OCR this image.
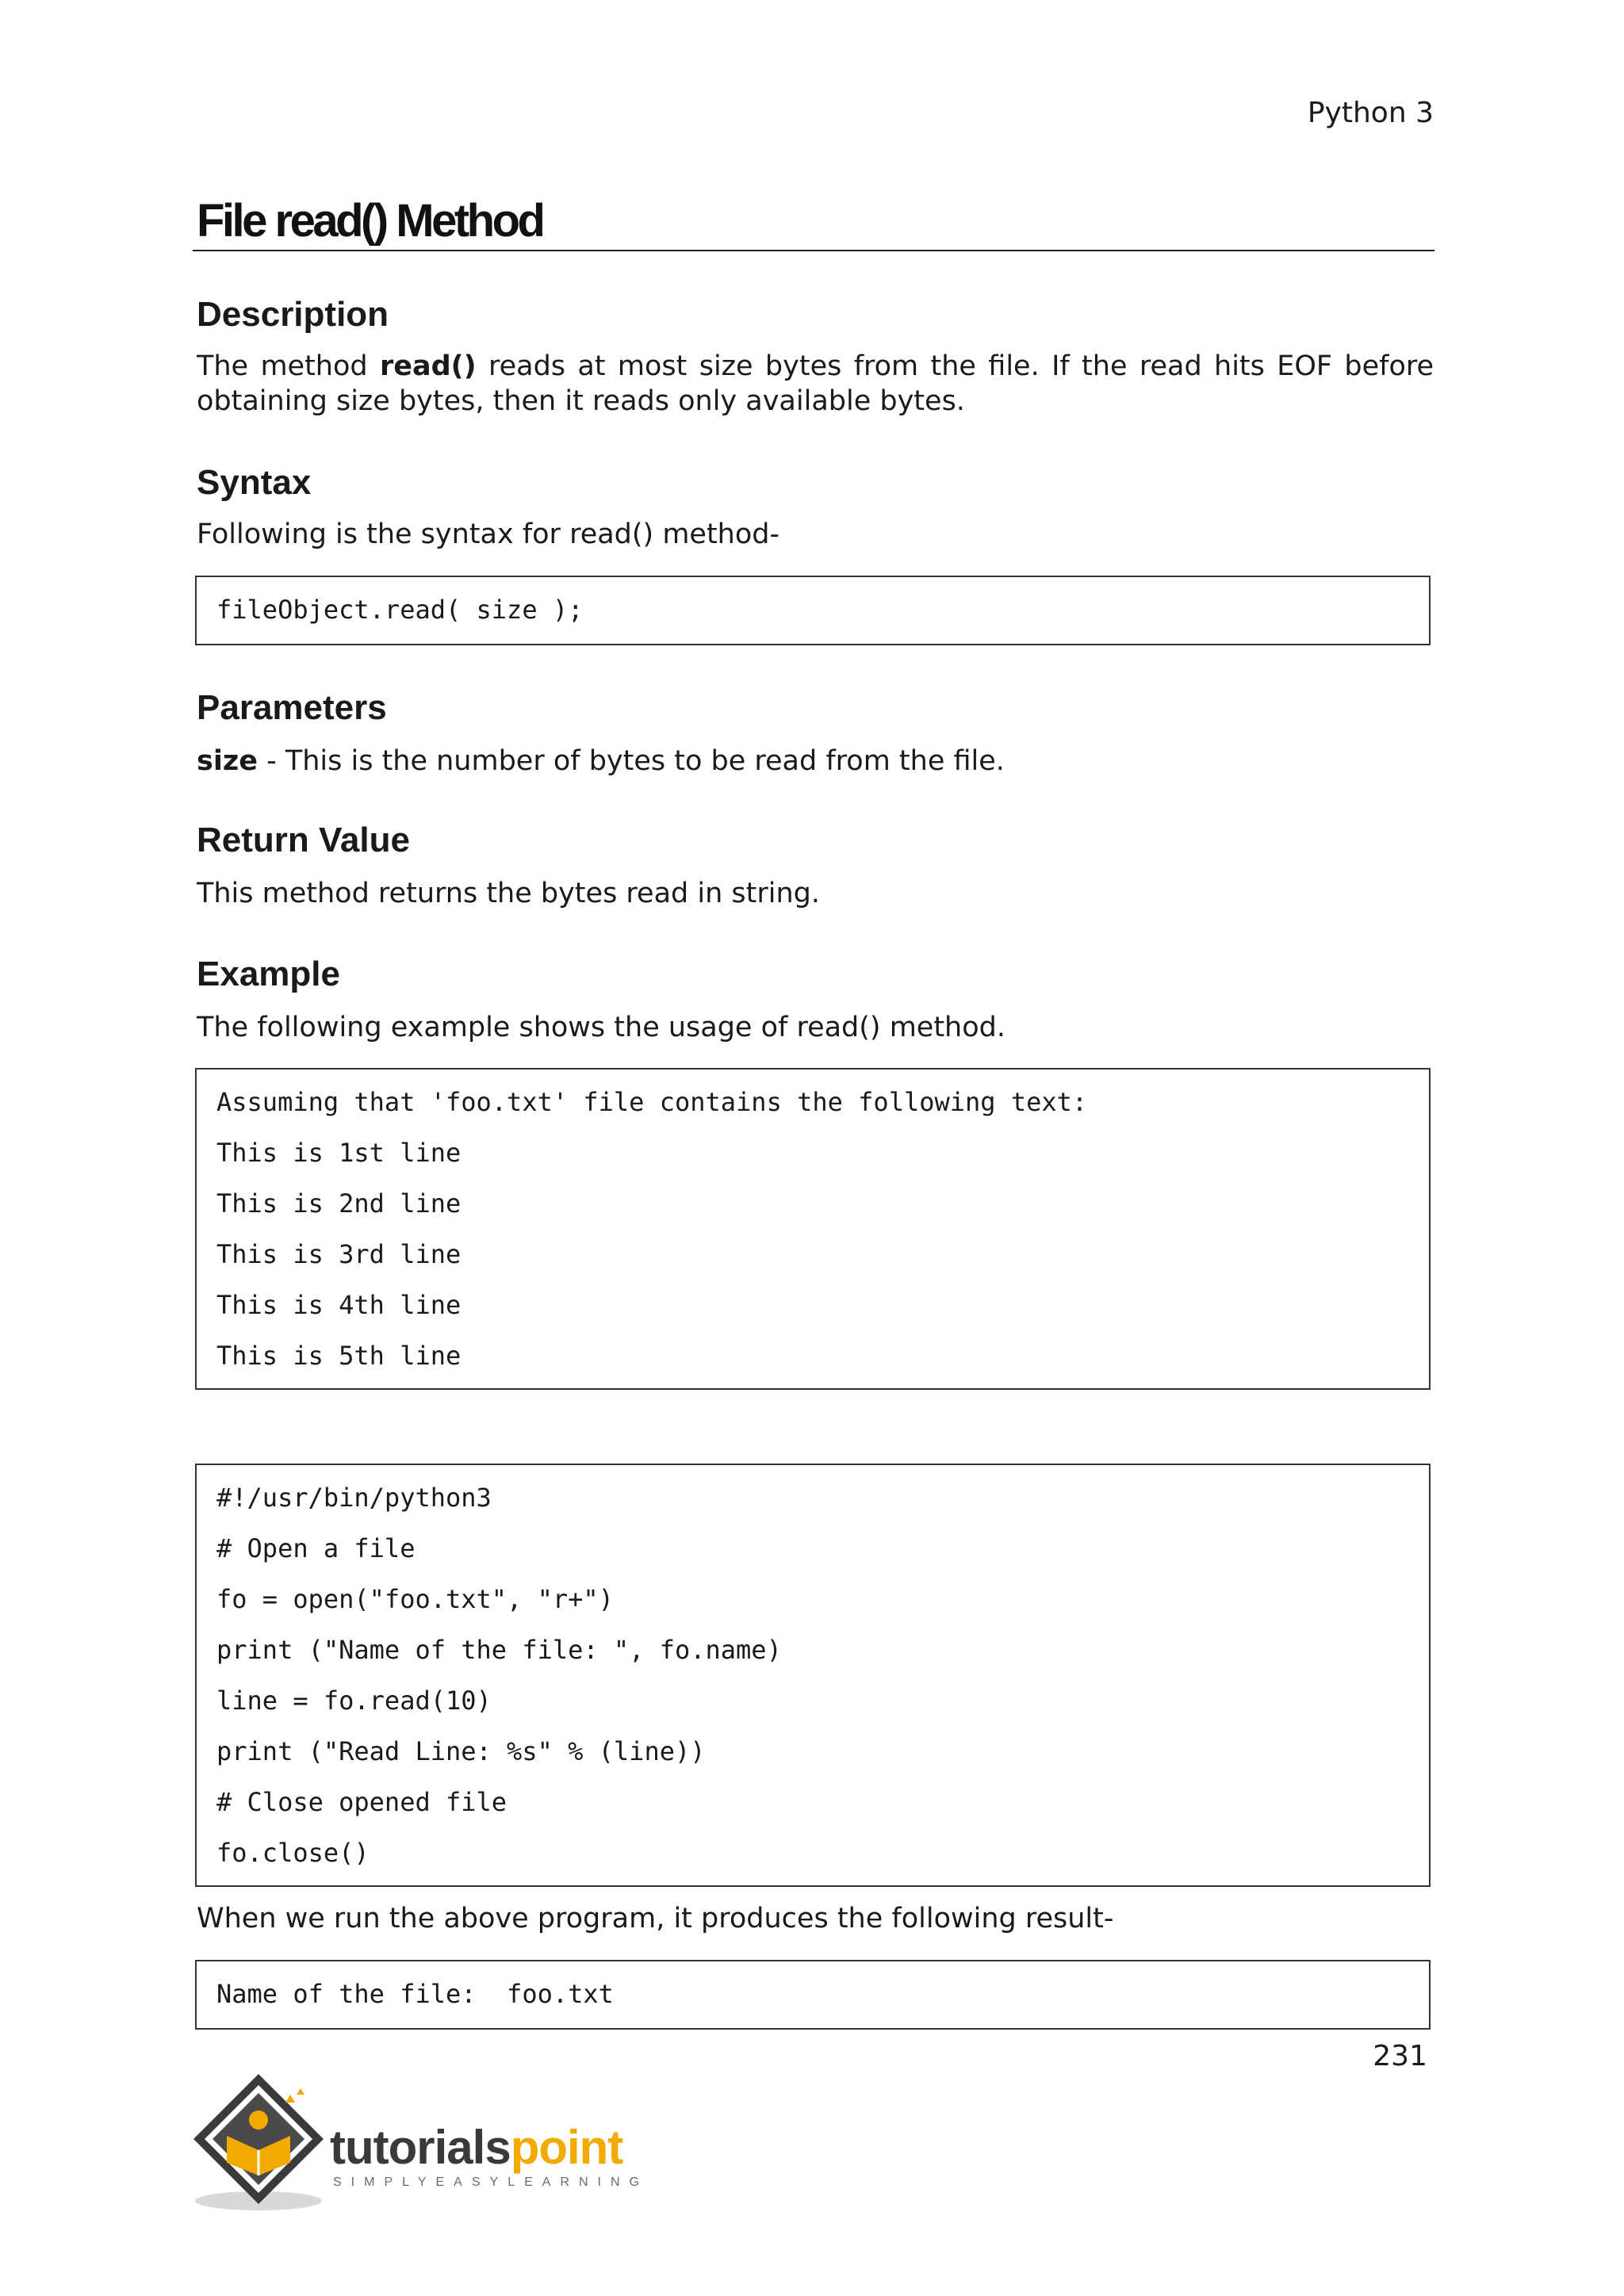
Python 3
File read() Method
Description

The method read() reads at most size bytes from the file. If the read hits EOF before obtaining size bytes, then it reads only available bytes.

Syntax

Following is the syntax for read() method-

fileObject.read( size );
Parameters

size - This is the number of bytes to be read from the file.

Return Value

This method returns the bytes read in string.

Example

The following example shows the usage of read() method.

Assuming that 'foo.txt' file contains the following text:
This is 1st line
This is 2nd line
This is 3rd line
This is 4th line
This is 5th line
#!/usr/bin/python3
# Open a file
fo = open("foo.txt", "r+")
print ("Name of the file: ", fo.name)
line = fo.read(10)
print ("Read Line: %s" % (line))
# Close opened file
fo.close()

When we run the above program, it produces the following result-

Name of the file:  foo.txt
231
tutorialspoint
SIMPLYEASYLEARNING
